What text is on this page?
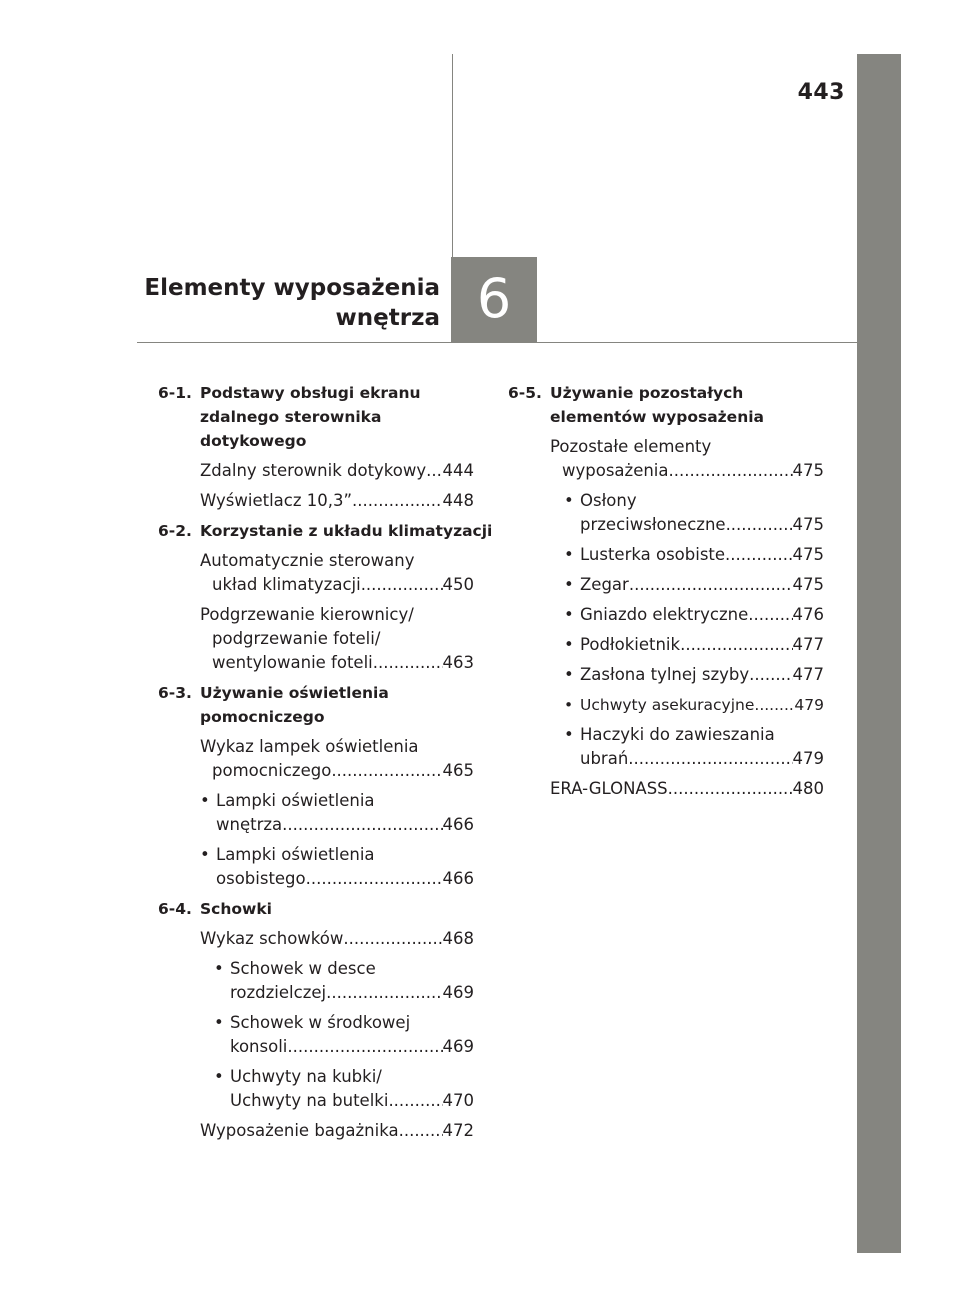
443
6
Elementy wyposażenia
wnętrza
6-1. Podstawy obsługi ekranu
zdalnego sterownika
dotykowego
Zdalny sterownik dotykowy ..... 444
Wyświetlacz 10,3” .....	448
6-2. Korzystanie z układu klimatyzacji
Automatycznie sterowany
układ klimatyzacji .....	450
Podgrzewanie kierownicy/
podgrzewanie foteli/
wentylowanie foteli .....	463
6-3. Używanie oświetlenia
pomocniczego
Wykaz lampek oświetlenia
pomocniczego .....	465
• Lampki oświetlenia
wnętrza .....	466
• Lampki oświetlenia
osobistego .....	466
6-4. Schowki
Wykaz schowków .....	468
• Schowek w desce
rozdzielczej .....	469
• Schowek w środkowej
konsoli .....	469
• Uchwyty na kubki/
Uchwyty na butelki .....	470
Wyposażenie bagażnika .....	472
6-5. Używanie pozostałych
elementów wyposażenia
Pozostałe elementy
wyposażenia .....	475
• Osłony
przeciwsłoneczne .....	475
• Lusterka osobiste .....	475
• Zegar .....	475
• Gniazdo elektryczne .....	476
• Podłokietnik .....	477
• Zasłona tylnej szyby .....	477
• Uchwyty asekuracyjne .....	479
• Haczyki do zawieszania
ubrań .....	479
ERA-GLONASS .....	480
